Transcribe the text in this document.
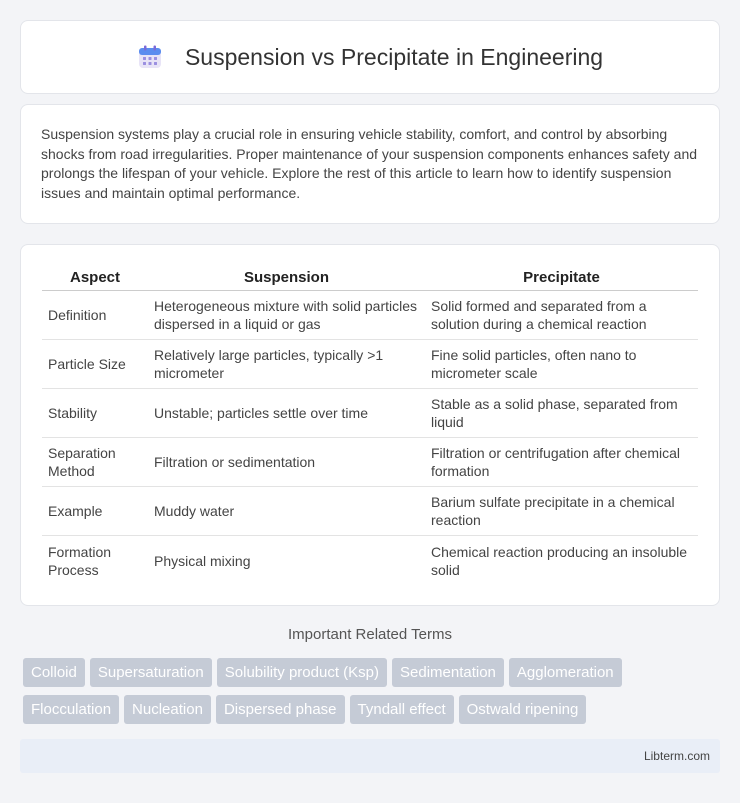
Suspension vs Precipitate in Engineering

Suspension systems play a crucial role in ensuring vehicle stability, comfort, and control by absorbing shocks from road irregularities. Proper maintenance of your suspension components enhances safety and prolongs the lifespan of your vehicle. Explore the rest of this article to learn how to identify suspension issues and maintain optimal performance.

Aspect	Suspension	Precipitate
Definition	Heterogeneous mixture with solid particles dispersed in a liquid or gas	Solid formed and separated from a solution during a chemical reaction
Particle Size	Relatively large particles, typically >1 micrometer	Fine solid particles, often nano to micrometer scale
Stability	Unstable; particles settle over time	Stable as a solid phase, separated from liquid
Separation Method	Filtration or sedimentation	Filtration or centrifugation after chemical formation
Example	Muddy water	Barium sulfate precipitate in a chemical reaction
Formation Process	Physical mixing	Chemical reaction producing an insoluble solid
Important Related Terms
Colloid Supersaturation Solubility product (Ksp) Sedimentation Agglomeration
Flocculation Nucleation Dispersed phase Tyndall effect Ostwald ripening
Libterm.com
